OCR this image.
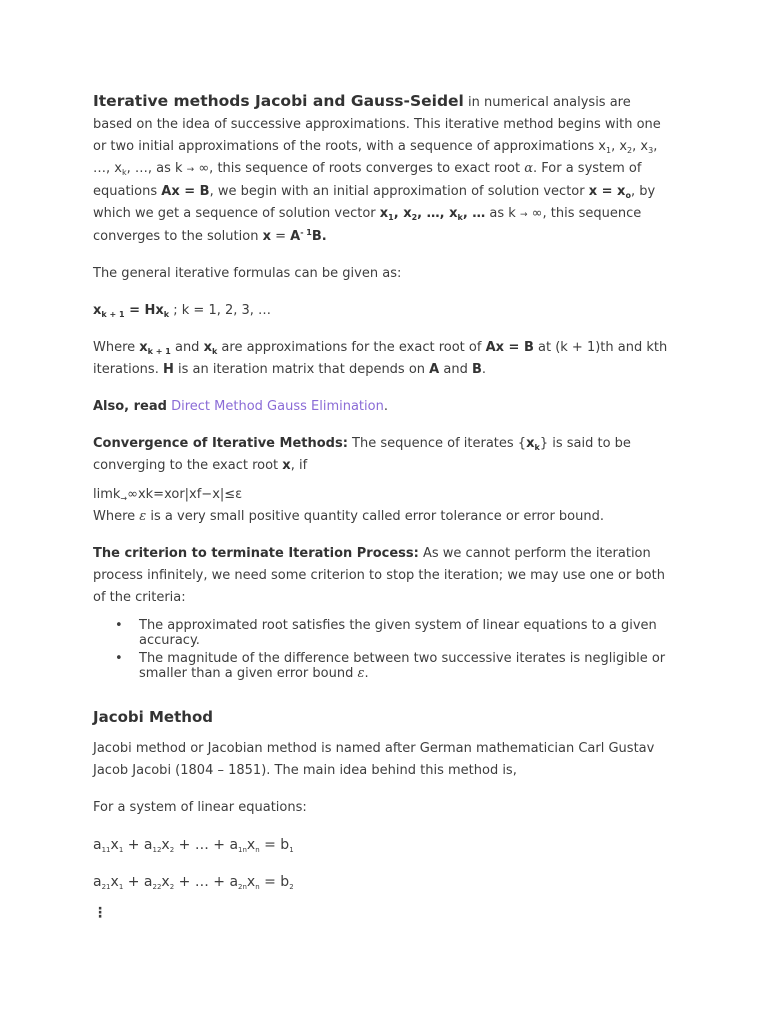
Iterative methods Jacobi and Gauss-Seidel in numerical analysis are based on the idea of successive approximations. This iterative method begins with one or two initial approximations of the roots, with a sequence of approximations $x_1$, $x_2$, $x_3$, …, $x_k$, …, as k → ∞, this sequence of roots converges to exact root α. For a system of equations Ax = B, we begin with an initial approximation of solution vector $x = x_o$, by which we get a sequence of solution vector $x_1$, $x_2$, …, $x_k$, … as k → ∞, this sequence converges to the solution $x = A^{- 1}B$.

The general iterative formulas can be given as:

$x_{k + 1} = Hx_k$ ; k = 1, 2, 3, …

Where $x_{k + 1}$ and $x_k$ are approximations for the exact root of Ax = B at (k + 1)th and kth iterations. H is an iteration matrix that depends on A and B.

Also, read Direct Method Gauss Elimination.

Convergence of Iterative Methods: The sequence of iterates $\{x_k\}$ is said to be converging to the exact root x, if

limk$_\to$∞xk=xor|xf−x|≤ε

Where ε is a very small positive quantity called error tolerance or error bound.

The criterion to terminate Iteration Process: As we cannot perform the iteration process infinitely, we need some criterion to stop the iteration; we may use one or both of the criteria:

• The approximated root satisfies the given system of linear equations to a given accuracy.
• The magnitude of the difference between two successive iterates is negligible or smaller than a given error bound ε.
Jacobi Method

Jacobi method or Jacobian method is named after German mathematician Carl Gustav Jacob Jacobi (1804 – 1851). The main idea behind this method is,

For a system of linear equations:

$a_{11}x_1 + a_{12}x_2$ + … + $a_{1n}x_n = b_1$

$a_{21}x_1 + a_{22}x_2$ + … + $a_{2n}x_n = b_2$

⋮
